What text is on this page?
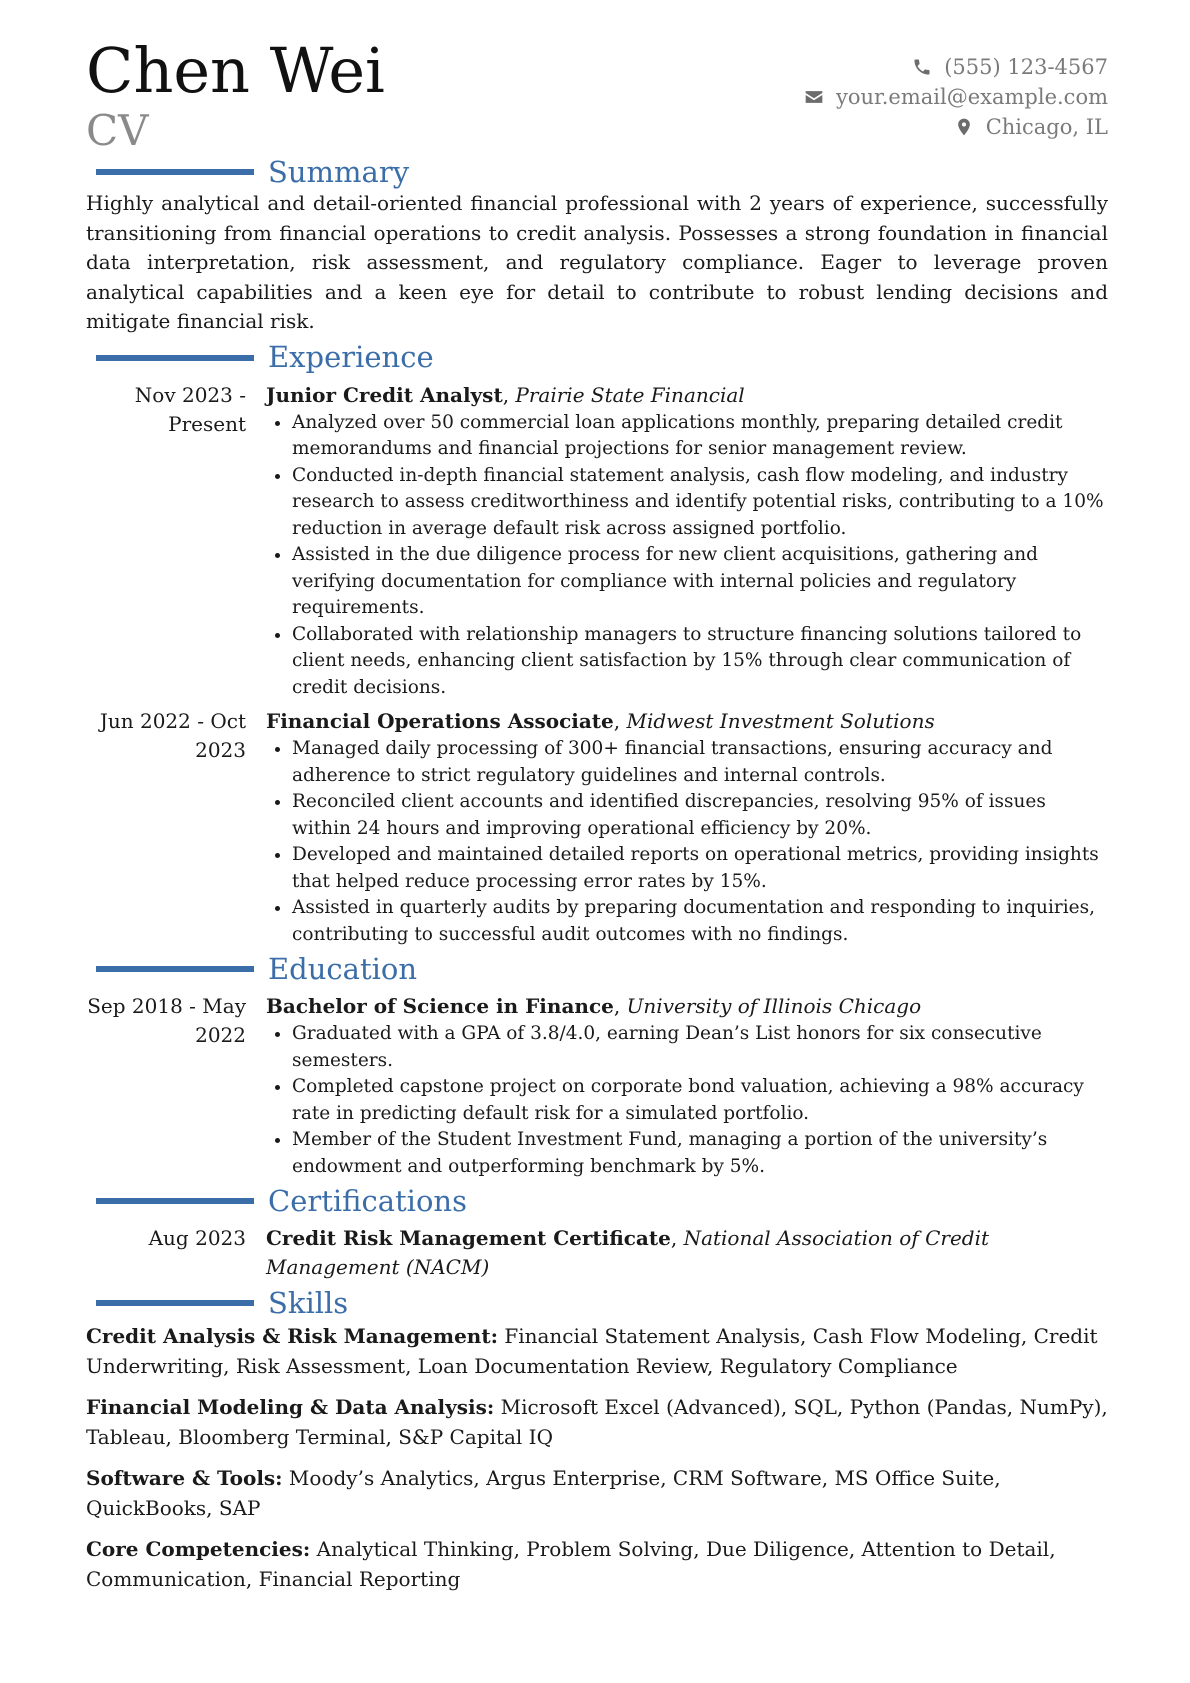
Chen Wei
CV
(555) 123-4567
your.email@example.com
Chicago, IL
Summary

Highly analytical and detail-oriented financial professional with 2 years of experience, successfully transitioning from financial operations to credit analysis. Possesses a strong foundation in financial data interpretation, risk assessment, and regulatory compliance. Eager to leverage proven analytical capabilities and a keen eye for detail to contribute to robust lending decisions and mitigate financial risk.

Experience
Nov 2023 - Present
Junior Credit Analyst, Prairie State Financial
• Analyzed over 50 commercial loan applications monthly, preparing detailed credit memorandums and financial projections for senior management review.
• Conducted in-depth financial statement analysis, cash flow modeling, and industry research to assess creditworthiness and identify potential risks, contributing to a 10% reduction in average default risk across assigned portfolio.
• Assisted in the due diligence process for new client acquisitions, gathering and verifying documentation for compliance with internal policies and regulatory requirements.
• Collaborated with relationship managers to structure financing solutions tailored to client needs, enhancing client satisfaction by 15% through clear communication of credit decisions.
Jun 2022 - Oct 2023
Financial Operations Associate, Midwest Investment Solutions
• Managed daily processing of 300+ financial transactions, ensuring accuracy and adherence to strict regulatory guidelines and internal controls.
• Reconciled client accounts and identified discrepancies, resolving 95% of issues within 24 hours and improving operational efficiency by 20%.
• Developed and maintained detailed reports on operational metrics, providing insights that helped reduce processing error rates by 15%.
• Assisted in quarterly audits by preparing documentation and responding to inquiries, contributing to successful audit outcomes with no findings.
Education
Sep 2018 - May 2022
Bachelor of Science in Finance, University of Illinois Chicago
• Graduated with a GPA of 3.8/4.0, earning Dean’s List honors for six consecutive semesters.
• Completed capstone project on corporate bond valuation, achieving a 98% accuracy rate in predicting default risk for a simulated portfolio.
• Member of the Student Investment Fund, managing a portion of the university’s endowment and outperforming benchmark by 5%.
Certifications
Aug 2023	Credit Risk Management Certificate, National Association of Credit Management (NACM)
Skills
Credit Analysis & Risk Management: Financial Statement Analysis, Cash Flow Modeling, Credit Underwriting, Risk Assessment, Loan Documentation Review, Regulatory Compliance
Financial Modeling & Data Analysis: Microsoft Excel (Advanced), SQL, Python (Pandas, NumPy), Tableau, Bloomberg Terminal, S&P Capital IQ
Software & Tools: Moody’s Analytics, Argus Enterprise, CRM Software, MS Office Suite, QuickBooks, SAP
Core Competencies: Analytical Thinking, Problem Solving, Due Diligence, Attention to Detail, Communication, Financial Reporting
